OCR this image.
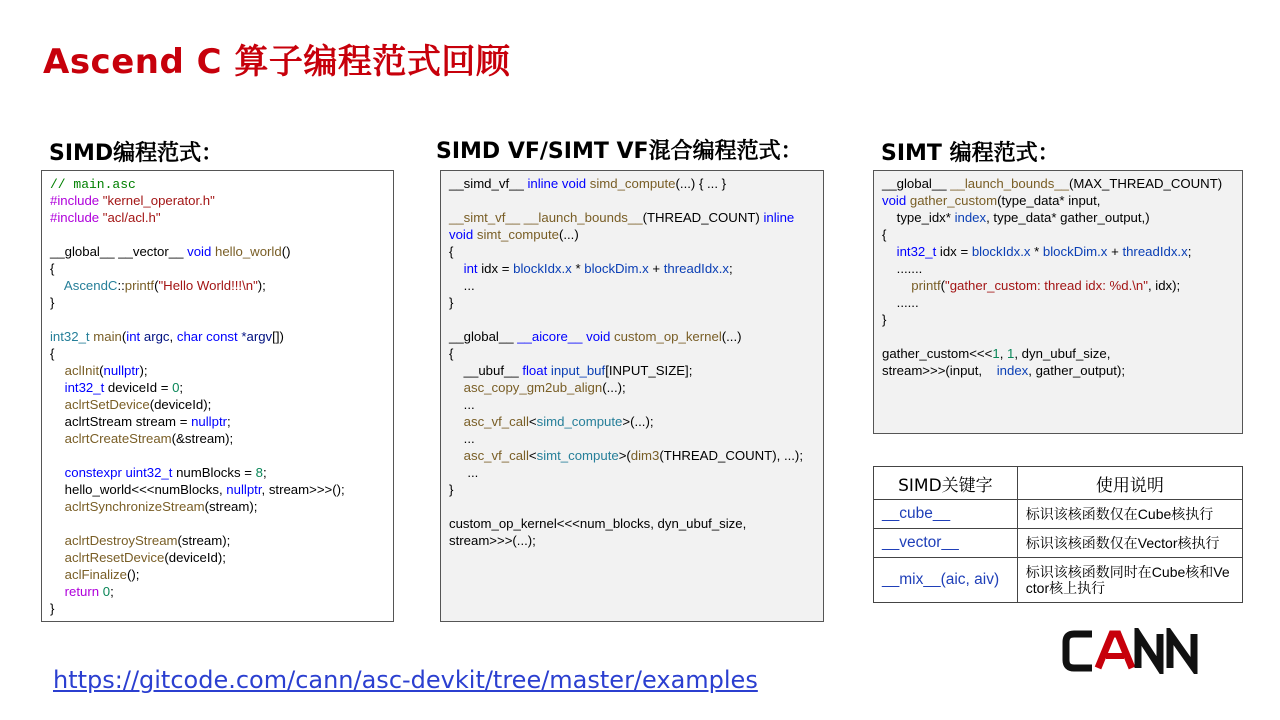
Ascend C 算子编程范式回顾
SIMD编程范式：	SIMD VF/SIMT VF混合编程范式：	SIMT 编程范式：
// main.asc
#include "kernel_operator.h"
#include "acl/acl.h"

__global__ __vector__ void hello_world()
{
AscendC::printf("Hello World!!!\n");
}

int32_t main(int argc, char const *argv[])
{
aclInit(nullptr);
int32_t deviceId = 0;
aclrtSetDevice(deviceId);
aclrtStream stream = nullptr;
aclrtCreateStream(&stream);

constexpr uint32_t numBlocks = 8;
hello_world<<<numBlocks, nullptr, stream>>>();
aclrtSynchronizeStream(stream);

aclrtDestroyStream(stream);
aclrtResetDevice(deviceId);
aclFinalize();
return 0;
}
__simd_vf__ inline void simd_compute(...) { ... }

__simt_vf__ __launch_bounds__(THREAD_COUNT) inline
void simt_compute(...)
{
int idx = blockIdx.x * blockDim.x + threadIdx.x;
...
}

__global__ __aicore__ void custom_op_kernel(...)
{
__ubuf__ float input_buf[INPUT_SIZE];
asc_copy_gm2ub_align(...);
...
asc_vf_call<simd_compute>(...);
...
asc_vf_call<simt_compute>(dim3(THREAD_COUNT), ...);
...
}

custom_op_kernel<<<num_blocks, dyn_ubuf_size,
stream>>>(...);
__global__ __launch_bounds__(MAX_THREAD_COUNT)
void gather_custom(type_data* input,
type_idx* index, type_data* gather_output,)
{
int32_t idx = blockIdx.x * blockDim.x + threadIdx.x;
.......
printf("gather_custom: thread idx: %d.\n", idx);
......
}

gather_custom<<<1, 1, dyn_ubuf_size,
stream>>>(input,    index, gather_output);
SIMD关键字	使用说明
__cube__	标识该核函数仅在Cube核执行
__vector__	标识该核函数仅在Vector核执行
__mix__(aic, aiv)	标识该核函数同时在Cube核和Vector核上执行
https://gitcode.com/cann/asc-devkit/tree/master/examples
